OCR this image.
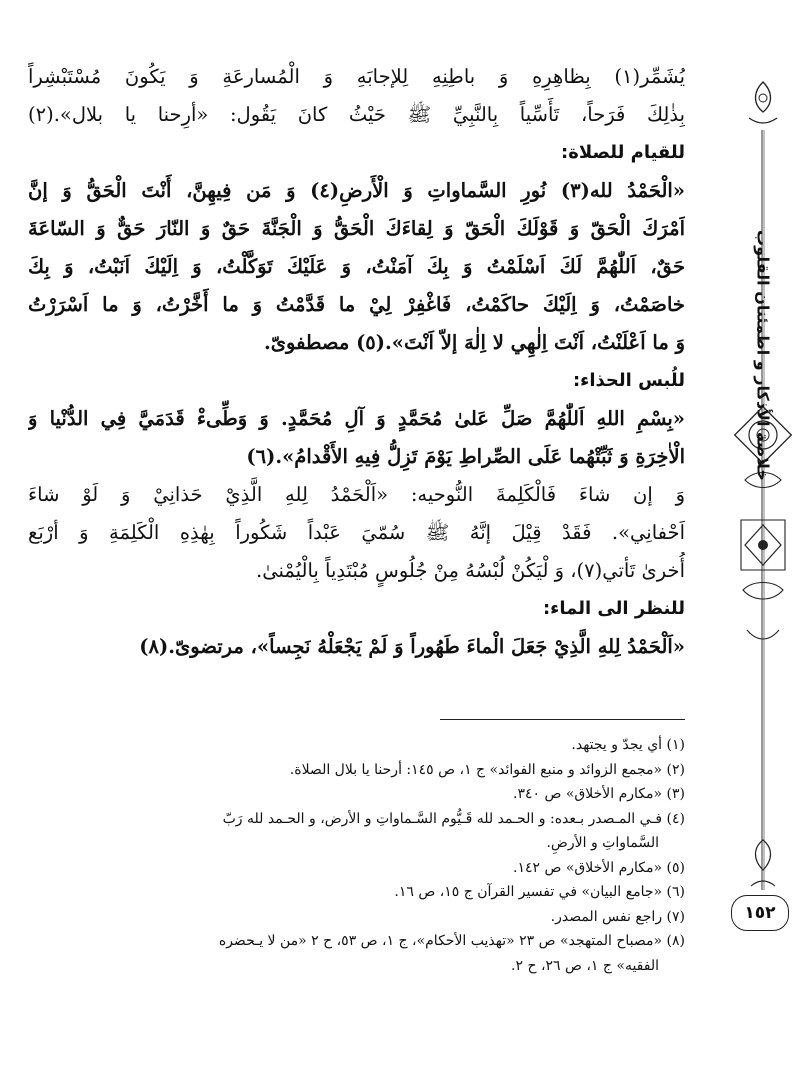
خلاصة الأذكار و اطمئنان القلوب
١٥٢
يُشَمِّر(١) بِظاهِرِهِ وَ باطِنِهِ لِلإجابَهِ وَ الْمُسارعَةِ وَ يَكُونَ مُسْتَبْشِراً
بِذٰلِكَ فَرَحاً، تَأَسِّياً بِالنَّبِيِّ ﷺ حَيْثُ كانَ يَقُول: «أرِحنا يا بلال».(٢)
للقيام للصلاة:
«الْحَمْدُ لله(٣) نُورِ السَّماواتِ وَ الْأَرضِ(٤) وَ مَن فِيهِنَّ، أَنْتَ الْحَقُّ وَ إنَّ
اَمْرَكَ الْحَقّ وَ قَوْلَكَ الْحَقّ وَ لِقاءَكَ الْحَقُّ وَ الْجَنَّةَ حَقٌ وَ النّارَ حَقٌّ وَ السّاعَةَ
حَقٌ، اَللّٰهُمَّ لَكَ اَسْلَمْتُ وَ بِكَ آمَنْتُ، وَ عَلَيْكَ تَوَكَّلْتُ، وَ اِلَيْكَ اَنَبْتُ، وَ بِكَ
خاصَمْتُ، وَ اِلَيْكَ حاكَمْتُ، فَاغْفِرْ لِيْ ما قَدَّمْتُ وَ ما أَخَّرْتُ، وَ ما اَسْرَرْتُ
وَ ما اَعْلَنْتُ، اَنْتَ اِلٰهِي لا اِلٰهَ إلاّ اَنْتَ».(٥) مصطفوىّ.
للُبس الحذاء:
«بِسْمِ اللهِ اَللّٰهُمَّ صَلِّ عَلیٰ مُحَمَّدٍ وَ آلِ مُحَمَّدٍ. وَ وَطِّیءْ قَدَمَيَّ فِي الدُّنْيا وَ
الْاٰخِرَةِ وَ ثَبِّتْهُما عَلَى الصِّراطِ يَوْمَ تَزِلُّ فِيهِ الأَقْدامُ».(٦)
وَ إن شاءَ فَالْكَلِمةَ النُّوحيه: «اَلْحَمْدُ لِلهِ الَّذِيْ حَذانِيْ وَ لَوْ شاءَ
اَحْفانِي». فَقَدْ قِيْلَ إنَّهُ ﷺ سُمّيَ عَبْداً شَكُوراً بِهٰذِهِ الْكَلِمَةِ وَ أرْبَع
أُخرىٰ تَأتي(٧)، وَ لْيَكُنْ لُبْسُهُ مِنْ جُلُوسٍ مُبْتَدِياً بِالْيُمْنىٰ.
للنظر الى الماء:
«اَلْحَمْدُ لِلهِ الَّذِيْ جَعَلَ الْماءَ طَهُوراً وَ لَمْ يَجْعَلْهُ نَجِساً»، مرتضوىّ.(٨)
(١) أي يجدّ و يجتهد.
(٢) «مجمع الزوائد و منبع الفوائد» ج ١، ص ١٤٥: أرحنا يا بلال الصلاة.
(٣) «مكارم الأخلاق» ص ٣٤٠.
(٤) فـي المـصدر بـعده: و الحـمد لله قَـيُّوم السَّـماواتِ و الأرض، و الحـمد لله رَبّ
السَّماواتِ و الأرضِ.
(٥) «مكارم الأخلاق» ص ١٤٢.
(٦) «جامع البيان» في تفسير القرآن ج ١٥، ص ١٦.
(٧) راجع نفس المصدر.
(٨) «مصباح المتهجد» ص ٢٣ «تهذيب الأحكام»، ج ١، ص ٥٣، ح ٢ «من لا يـحضره
الفقيه» ج ١، ص ٢٦، ح ٢.
